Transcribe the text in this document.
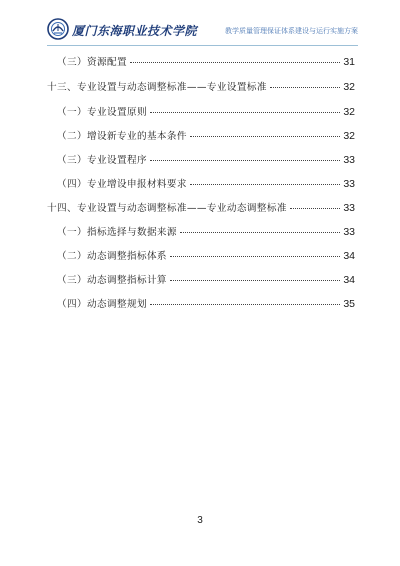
厦门东海职业技术学院	教学质量管理保证体系建设与运行实施方案
（三）资源配置	31
十三、专业设置与动态调整标准——专业设置标准	32
（一）专业设置原则	32
（二）增设新专业的基本条件	32
（三）专业设置程序	33
（四）专业增设申报材料要求	33
十四、专业设置与动态调整标准——专业动态调整标准	33
（一）指标选择与数据来源	33
（二）动态调整指标体系	34
（三）动态调整指标计算	34
（四）动态调整规划	35
3
